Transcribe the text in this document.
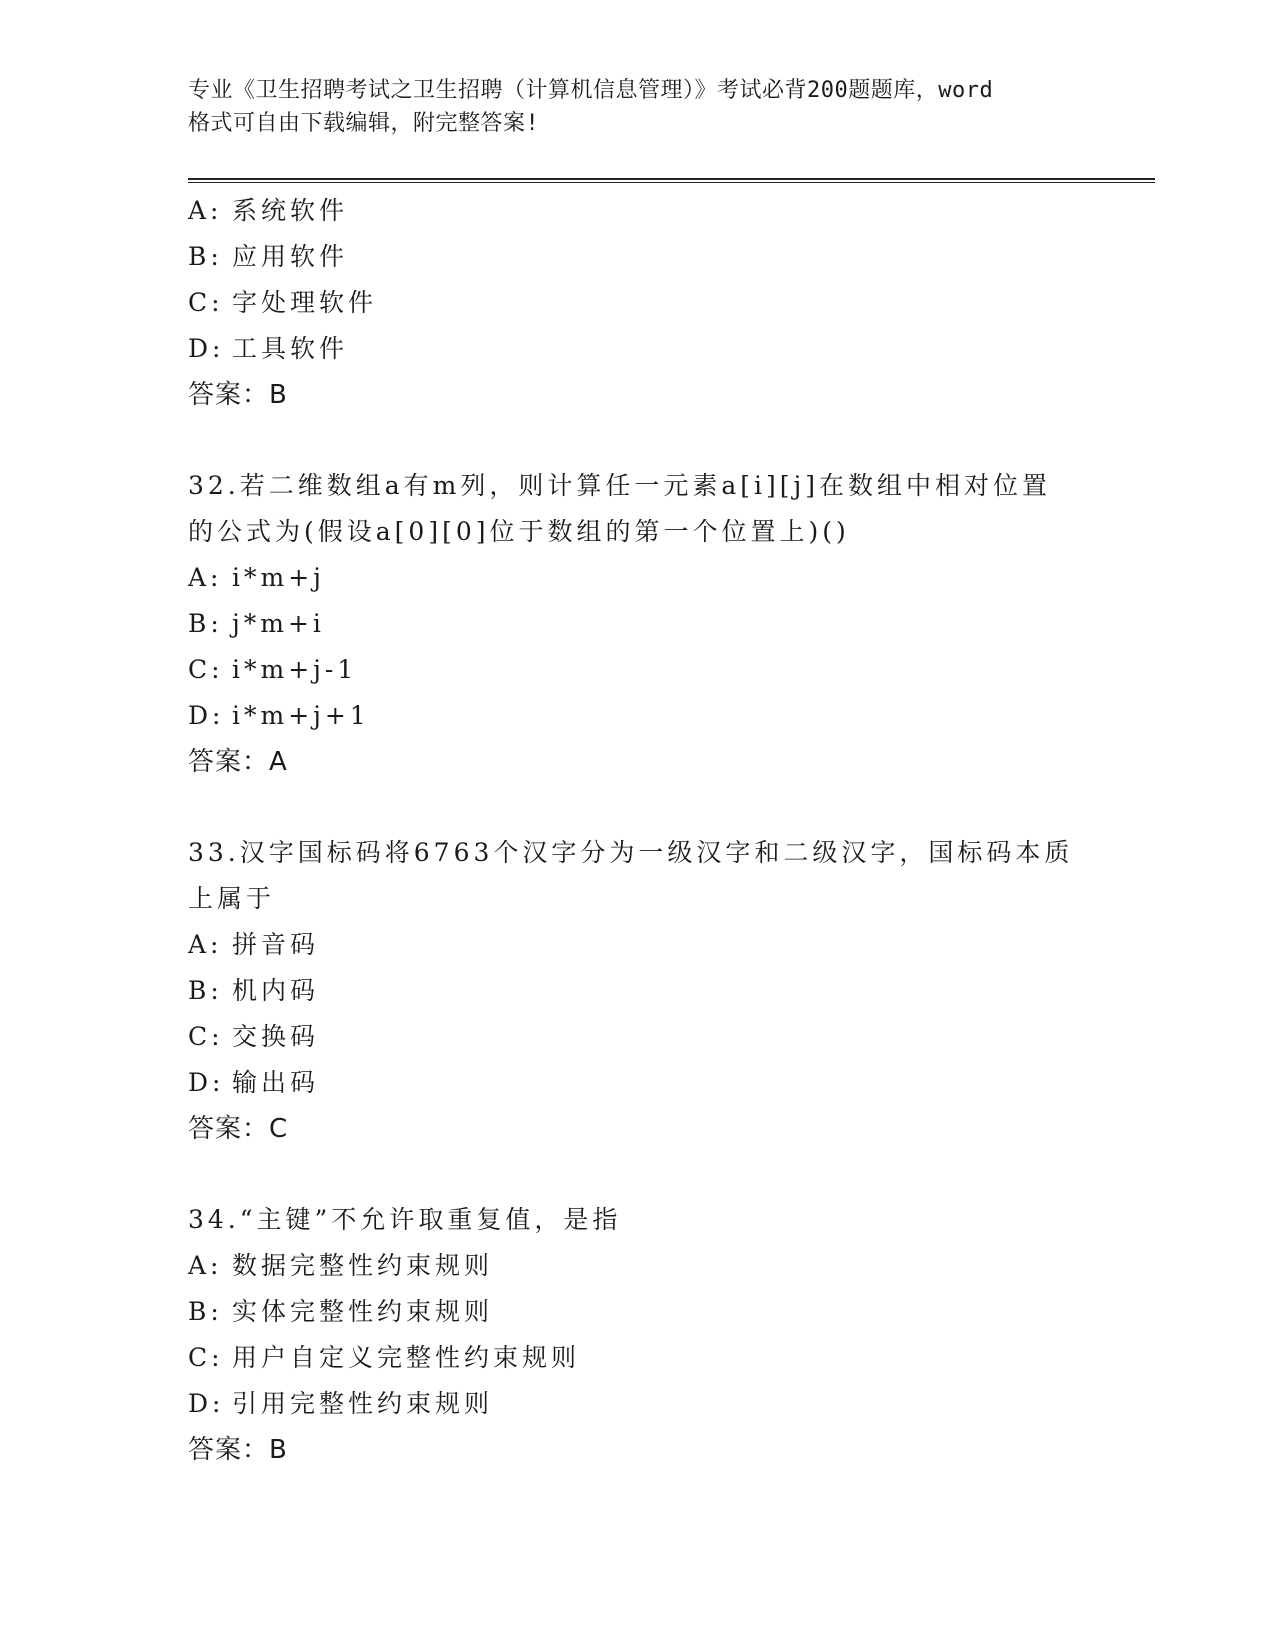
专业《卫生招聘考试之卫生招聘（计算机信息管理）》考试必背200题题库，word
格式可自由下载编辑，附完整答案!
A: 系统软件
B: 应用软件
C: 字处理软件
D: 工具软件
答案：B
32.若二维数组a有m列，则计算任一元素a[i][j]在数组中相对位置
的公式为(假设a[0][0]位于数组的第一个位置上)()
A: i*m+j
B: j*m+i
C: i*m+j-1
D: i*m+j+1
答案：A
33.汉字国标码将6763个汉字分为一级汉字和二级汉字，国标码本质
上属于
A: 拼音码
B: 机内码
C: 交换码
D: 输出码
答案：C
34.“主键”不允许取重复值，是指
A: 数据完整性约束规则
B: 实体完整性约束规则
C: 用户自定义完整性约束规则
D: 引用完整性约束规则
答案：B
